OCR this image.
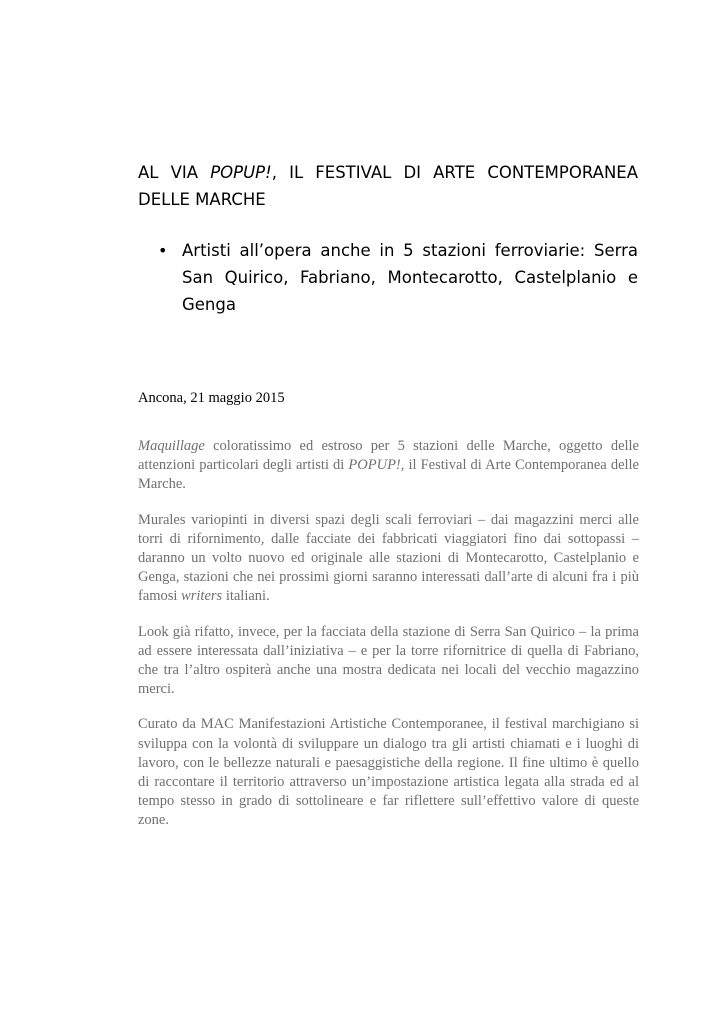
AL VIA POPUP!, IL FESTIVAL DI ARTE CONTEMPORANEA DELLE MARCHE
• Artisti all’opera anche in 5 stazioni ferroviarie: Serra San Quirico, Fabriano, Montecarotto, Castelplanio e Genga

Ancona, 21 maggio 2015

Maquillage coloratissimo ed estroso per 5 stazioni delle Marche, oggetto delle attenzioni particolari degli artisti di POPUP!, il Festival di Arte Contemporanea delle Marche.

Murales variopinti in diversi spazi degli scali ferroviari – dai magazzini merci alle torri di rifornimento, dalle facciate dei fabbricati viaggiatori fino dai sottopassi – daranno un volto nuovo ed originale alle stazioni di Montecarotto, Castelplanio e Genga, stazioni che nei prossimi giorni saranno interessati dall’arte di alcuni fra i più famosi writers italiani.

Look già rifatto, invece, per la facciata della stazione di Serra San Quirico – la prima ad essere interessata dall’iniziativa – e per la torre rifornitrice di quella di Fabriano, che tra l’altro ospiterà anche una mostra dedicata nei locali del vecchio magazzino merci.

Curato da MAC Manifestazioni Artistiche Contemporanee, il festival marchigiano si sviluppa con la volontà di sviluppare un dialogo tra gli artisti chiamati e i luoghi di lavoro, con le bellezze naturali e paesaggistiche della regione. Il fine ultimo è quello di raccontare il territorio attraverso un’impostazione artistica legata alla strada ed al tempo stesso in grado di sottolineare e far riflettere sull’effettivo valore di queste zone.
